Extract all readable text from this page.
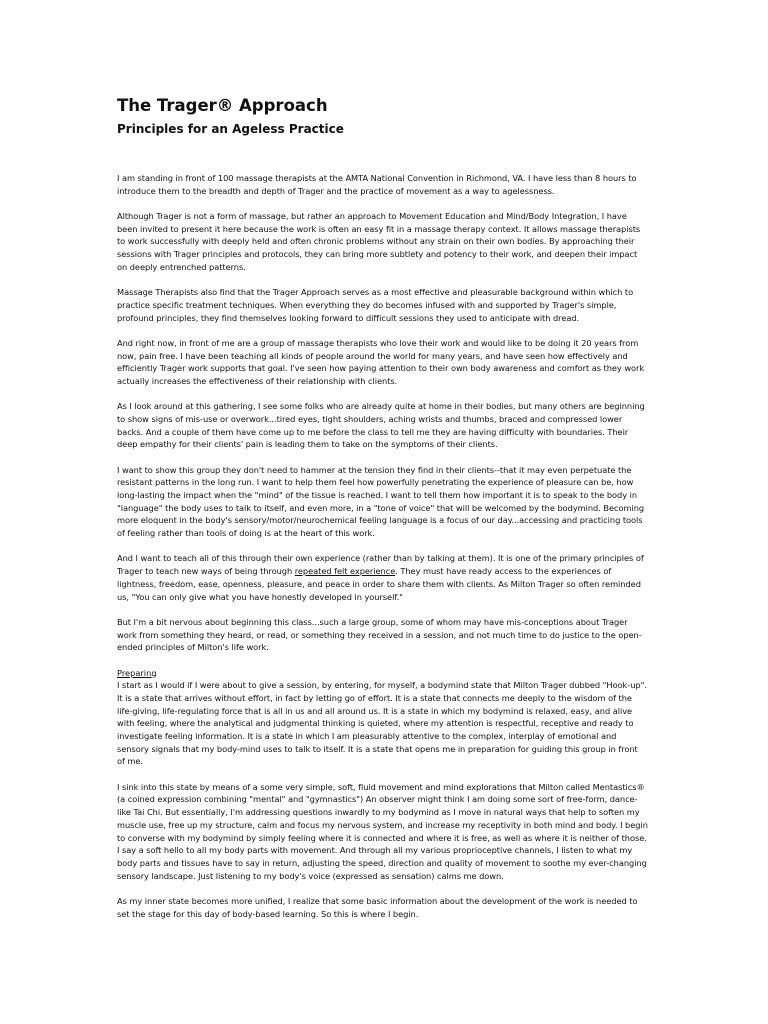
The Trager® Approach
Principles for an Ageless Practice

I am standing in front of 100 massage therapists at the AMTA National Convention in Richmond, VA. I have less than 8 hours to introduce them to the breadth and depth of Trager and the practice of movement as a way to agelessness.

Although Trager is not a form of massage, but rather an approach to Movement Education and Mind/Body Integration, I have been invited to present it here because the work is often an easy fit in a massage therapy context. It allows massage therapists to work successfully with deeply held and often chronic problems without any strain on their own bodies. By approaching their sessions with Trager principles and protocols, they can bring more subtlety and potency to their work, and deepen their impact on deeply entrenched patterns.

Massage Therapists also find that the Trager Approach serves as a most effective and pleasurable background within which to practice specific treatment techniques. When everything they do becomes infused with and supported by Trager's simple, profound principles, they find themselves looking forward to difficult sessions they used to anticipate with dread.

And right now, in front of me are a group of massage therapists who love their work and would like to be doing it 20 years from now, pain free. I have been teaching all kinds of people around the world for many years, and have seen how effectively and efficiently Trager work supports that goal. I've seen how paying attention to their own body awareness and comfort as they work actually increases the effectiveness of their relationship with clients.

As I look around at this gathering, I see some folks who are already quite at home in their bodies, but many others are beginning to show signs of mis-use or overwork...tired eyes, tight shoulders, aching wrists and thumbs, braced and compressed lower backs. And a couple of them have come up to me before the class to tell me they are having difficulty with boundaries. Their deep empathy for their clients' pain is leading them to take on the symptoms of their clients.

I want to show this group they don't need to hammer at the tension they find in their clients--that it may even perpetuate the resistant patterns in the long run. I want to help them feel how powerfully penetrating the experience of pleasure can be, how long-lasting the impact when the "mind" of the tissue is reached. I want to tell them how important it is to speak to the body in "language" the body uses to talk to itself, and even more, in a "tone of voice" that will be welcomed by the bodymind. Becoming more eloquent in the body's sensory/motor/neurochemical feeling language is a focus of our day...accessing and practicing tools of feeling rather than tools of doing is at the heart of this work.

And I want to teach all of this through their own experience (rather than by talking at them). It is one of the primary principles of Trager to teach new ways of being through repeated felt experience. They must have ready access to the experiences of lightness, freedom, ease, openness, pleasure, and peace in order to share them with clients. As Milton Trager so often reminded us, "You can only give what you have honestly developed in yourself."

But I'm a bit nervous about beginning this class...such a large group, some of whom may have mis-conceptions about Trager work from something they heard, or read, or something they received in a session, and not much time to do justice to the open-ended principles of Milton's life work.

Preparing

I start as I would if I were about to give a session, by entering, for myself, a bodymind state that Milton Trager dubbed "Hook-up". It is a state that arrives without effort, in fact by letting go of effort. It is a state that connects me deeply to the wisdom of the life-giving, life-regulating force that is all in us and all around us. It is a state in which my bodymind is relaxed, easy, and alive with feeling, where the analytical and judgmental thinking is quieted, where my attention is respectful, receptive and ready to investigate feeling information. It is a state in which I am pleasurably attentive to the complex, interplay of emotional and sensory signals that my body-mind uses to talk to itself. It is a state that opens me in preparation for guiding this group in front of me.

I sink into this state by means of a some very simple, soft, fluid movement and mind explorations that Milton called Mentastics® (a coined expression combining "mental" and "gymnastics") An observer might think I am doing some sort of free-form, dance-like Tai Chi. But essentially, I'm addressing questions inwardly to my bodymind as I move in natural ways that help to soften my muscle use, free up my structure, calm and focus my nervous system, and increase my receptivity in both mind and body. I begin to converse with my bodymind by simply feeling where it is connected and where it is free, as well as where it is neither of those. I say a soft hello to all my body parts with movement. And through all my various proprioceptive channels, I listen to what my body parts and tissues have to say in return, adjusting the speed, direction and quality of movement to soothe my ever-changing sensory landscape. Just listening to my body's voice (expressed as sensation) calms me down.

As my inner state becomes more unified, I realize that some basic information about the development of the work is needed to set the stage for this day of body-based learning. So this is where I begin.
